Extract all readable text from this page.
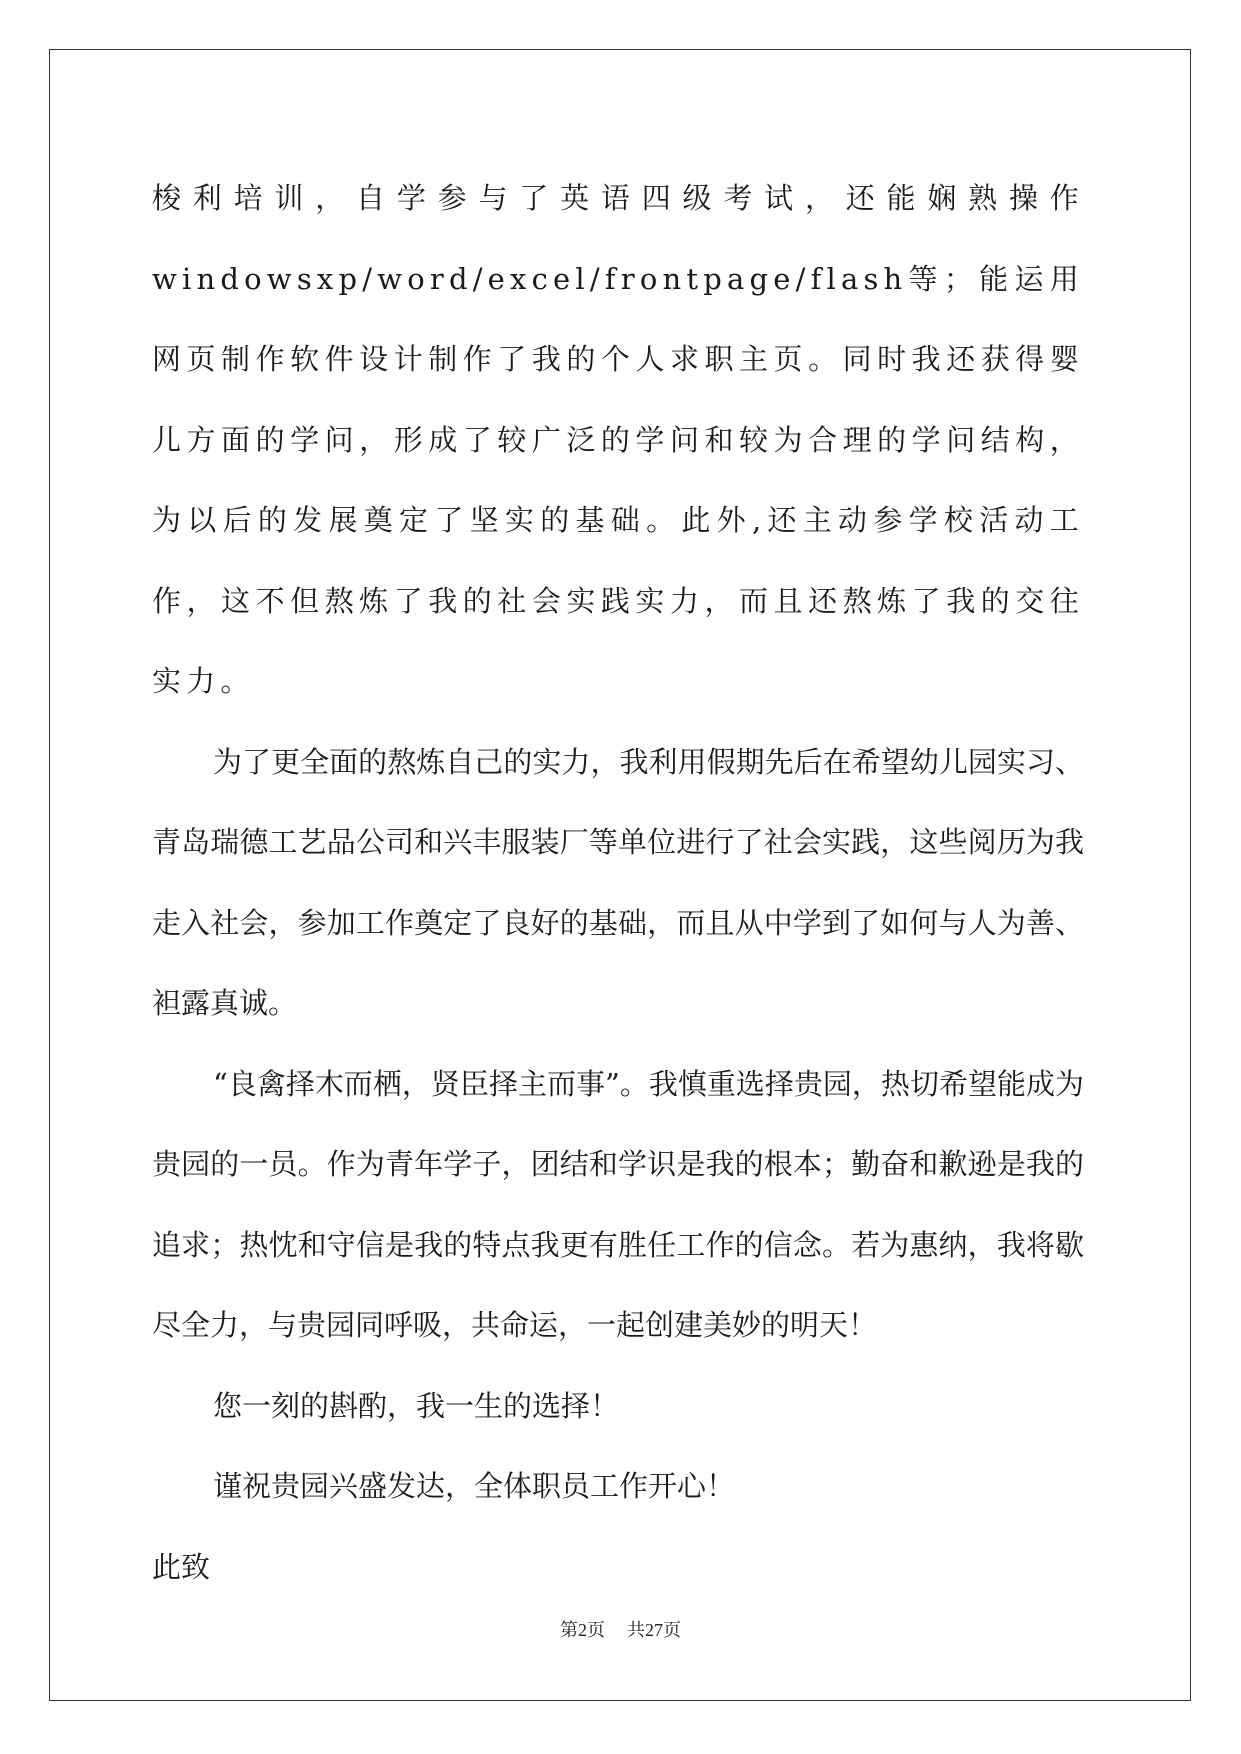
梭利培训，自学参与了英语四级考试，还能娴熟操作windowsxp/word/excel/frontpage/flash等；能运用网页制作软件设计制作了我的个人求职主页。同时我还获得婴儿方面的学问，形成了较广泛的学问和较为合理的学问结构，为以后的发展奠定了坚实的基础。此外,还主动参学校活动工作，这不但熬炼了我的社会实践实力，而且还熬炼了我的交往实力。

为了更全面的熬炼自己的实力，我利用假期先后在希望幼儿园实习、青岛瑞德工艺品公司和兴丰服装厂等单位进行了社会实践，这些阅历为我走入社会，参加工作奠定了良好的基础，而且从中学到了如何与人为善、袒露真诚。

“良禽择木而栖，贤臣择主而事”。我慎重选择贵园，热切希望能成为贵园的一员。作为青年学子，团结和学识是我的根本；勤奋和歉逊是我的追求；热忱和守信是我的特点我更有胜任工作的信念。若为惠纳，我将歇尽全力，与贵园同呼吸，共命运，一起创建美妙的明天！

您一刻的斟酌，我一生的选择！

谨祝贵园兴盛发达，全体职员工作开心！

此致

第2页 共27页
